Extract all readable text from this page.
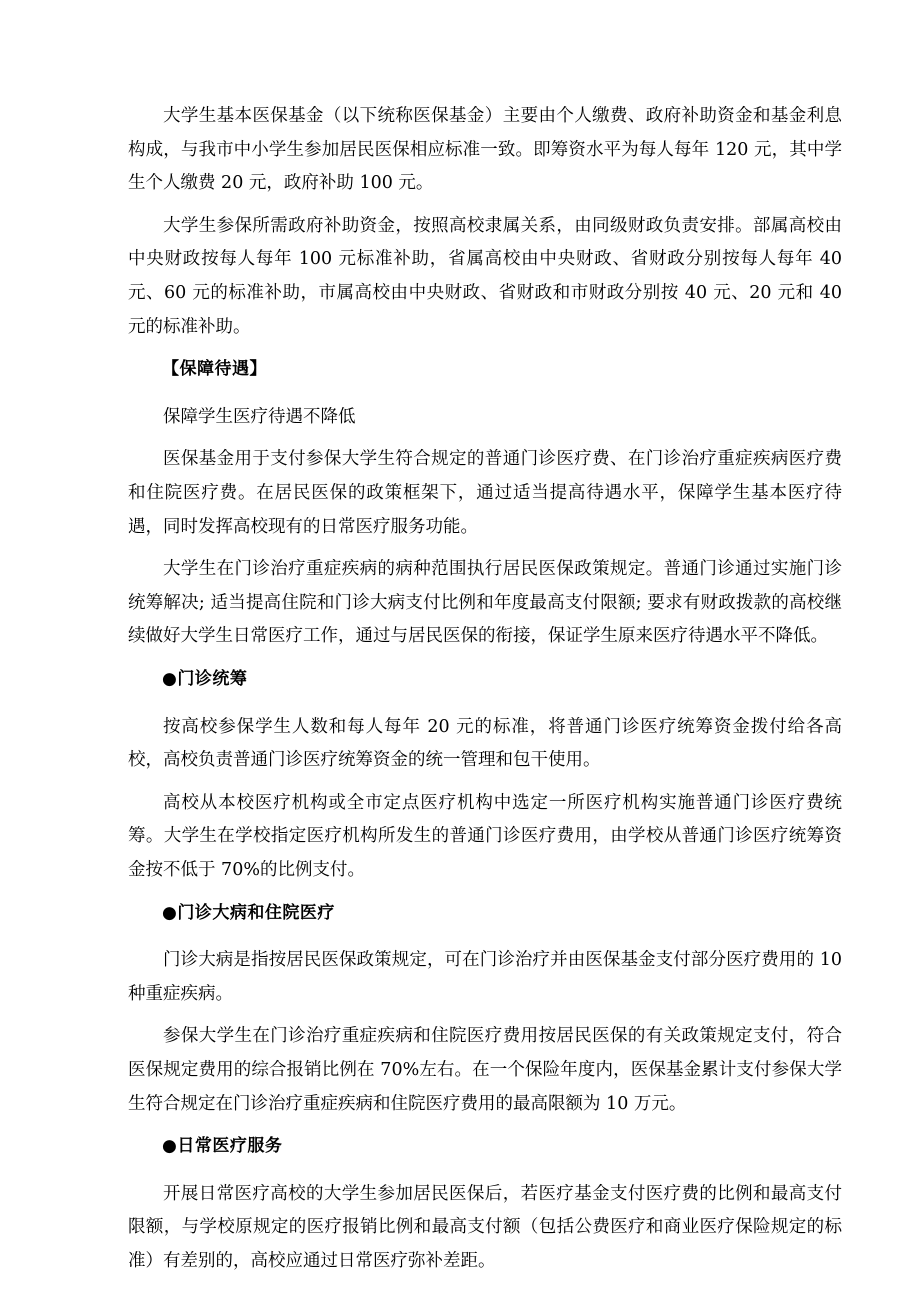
大学生基本医保基金（以下统称医保基金）主要由个人缴费、政府补助资金和基金利息构成，与我市中小学生参加居民医保相应标准一致。即筹资水平为每人每年 120 元，其中学生个人缴费 20 元，政府补助 100 元。

大学生参保所需政府补助资金，按照高校隶属关系，由同级财政负责安排。部属高校由中央财政按每人每年 100 元标准补助，省属高校由中央财政、省财政分别按每人每年 40 元、60 元的标准补助，市属高校由中央财政、省财政和市财政分别按 40 元、20 元和 40 元的标准补助。

【保障待遇】

保障学生医疗待遇不降低

医保基金用于支付参保大学生符合规定的普通门诊医疗费、在门诊治疗重症疾病医疗费和住院医疗费。在居民医保的政策框架下，通过适当提高待遇水平，保障学生基本医疗待遇，同时发挥高校现有的日常医疗服务功能。

大学生在门诊治疗重症疾病的病种范围执行居民医保政策规定。普通门诊通过实施门诊统筹解决; 适当提高住院和门诊大病支付比例和年度最高支付限额; 要求有财政拨款的高校继续做好大学生日常医疗工作，通过与居民医保的衔接，保证学生原来医疗待遇水平不降低。

●门诊统筹

按高校参保学生人数和每人每年 20 元的标准，将普通门诊医疗统筹资金拨付给各高校，高校负责普通门诊医疗统筹资金的统一管理和包干使用。

高校从本校医疗机构或全市定点医疗机构中选定一所医疗机构实施普通门诊医疗费统筹。大学生在学校指定医疗机构所发生的普通门诊医疗费用，由学校从普通门诊医疗统筹资金按不低于 70%的比例支付。

●门诊大病和住院医疗

门诊大病是指按居民医保政策规定，可在门诊治疗并由医保基金支付部分医疗费用的 10 种重症疾病。

参保大学生在门诊治疗重症疾病和住院医疗费用按居民医保的有关政策规定支付，符合医保规定费用的综合报销比例在 70%左右。在一个保险年度内，医保基金累计支付参保大学生符合规定在门诊治疗重症疾病和住院医疗费用的最高限额为 10 万元。

●日常医疗服务

开展日常医疗高校的大学生参加居民医保后，若医疗基金支付医疗费的比例和最高支付限额，与学校原规定的医疗报销比例和最高支付额（包括公费医疗和商业医疗保险规定的标准）有差别的，高校应通过日常医疗弥补差距。
